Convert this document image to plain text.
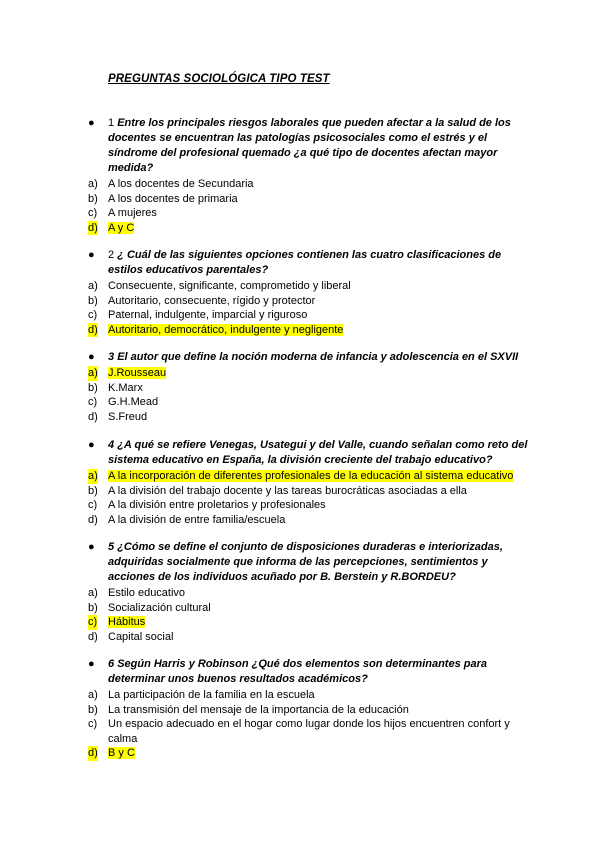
PREGUNTAS SOCIOLÓGICA TIPO TEST
● 1 Entre los principales riesgos laborales que pueden afectar a la salud de los docentes se encuentran las patologías psicosociales como el estrés y el síndrome del profesional quemado ¿a qué tipo de docentes afectan mayor medida?
a) A los docentes de Secundaria
b) A los docentes de primaria
c) A mujeres
d) A y C
● 2 ¿ Cuál de las siguientes opciones contienen las cuatro clasificaciones de estilos educativos parentales?
a) Consecuente, significante, comprometido y liberal
b) Autoritario, consecuente, rígido y protector
c) Paternal, indulgente, imparcial y riguroso
d) Autoritario, democrático, indulgente y negligente
● 3 El autor que define la noción moderna de infancia y adolescencia en el SXVII
a) J.Rousseau
b) K.Marx
c) G.H.Mead
d) S.Freud
● 4 ¿A qué se refiere Venegas, Usategui y del Valle, cuando señalan como reto del sistema educativo en España, la división creciente del trabajo educativo?
a) A la incorporación de diferentes profesionales de la educación al sistema educativo
b) A la división del trabajo docente y las tareas burocráticas asociadas a ella
c) A la división entre proletarios y profesionales
d) A la división de entre familia/escuela
● 5 ¿Cómo se define el conjunto de disposiciones duraderas e interiorizadas, adquiridas socialmente que informa de las percepciones, sentimientos y acciones de los individuos acuñado por B. Berstein y R.BORDEU?
a) Estilo educativo
b) Socialización cultural
c) Hábitus
d) Capital social
● 6 Según Harris y Robinson ¿Qué dos elementos son determinantes para determinar unos buenos resultados académicos?
a) La participación de la familia en la escuela
b) La transmisión del mensaje de la importancia de la educación
c) Un espacio adecuado en el hogar como lugar donde los hijos encuentren confort y calma
d) B y C
